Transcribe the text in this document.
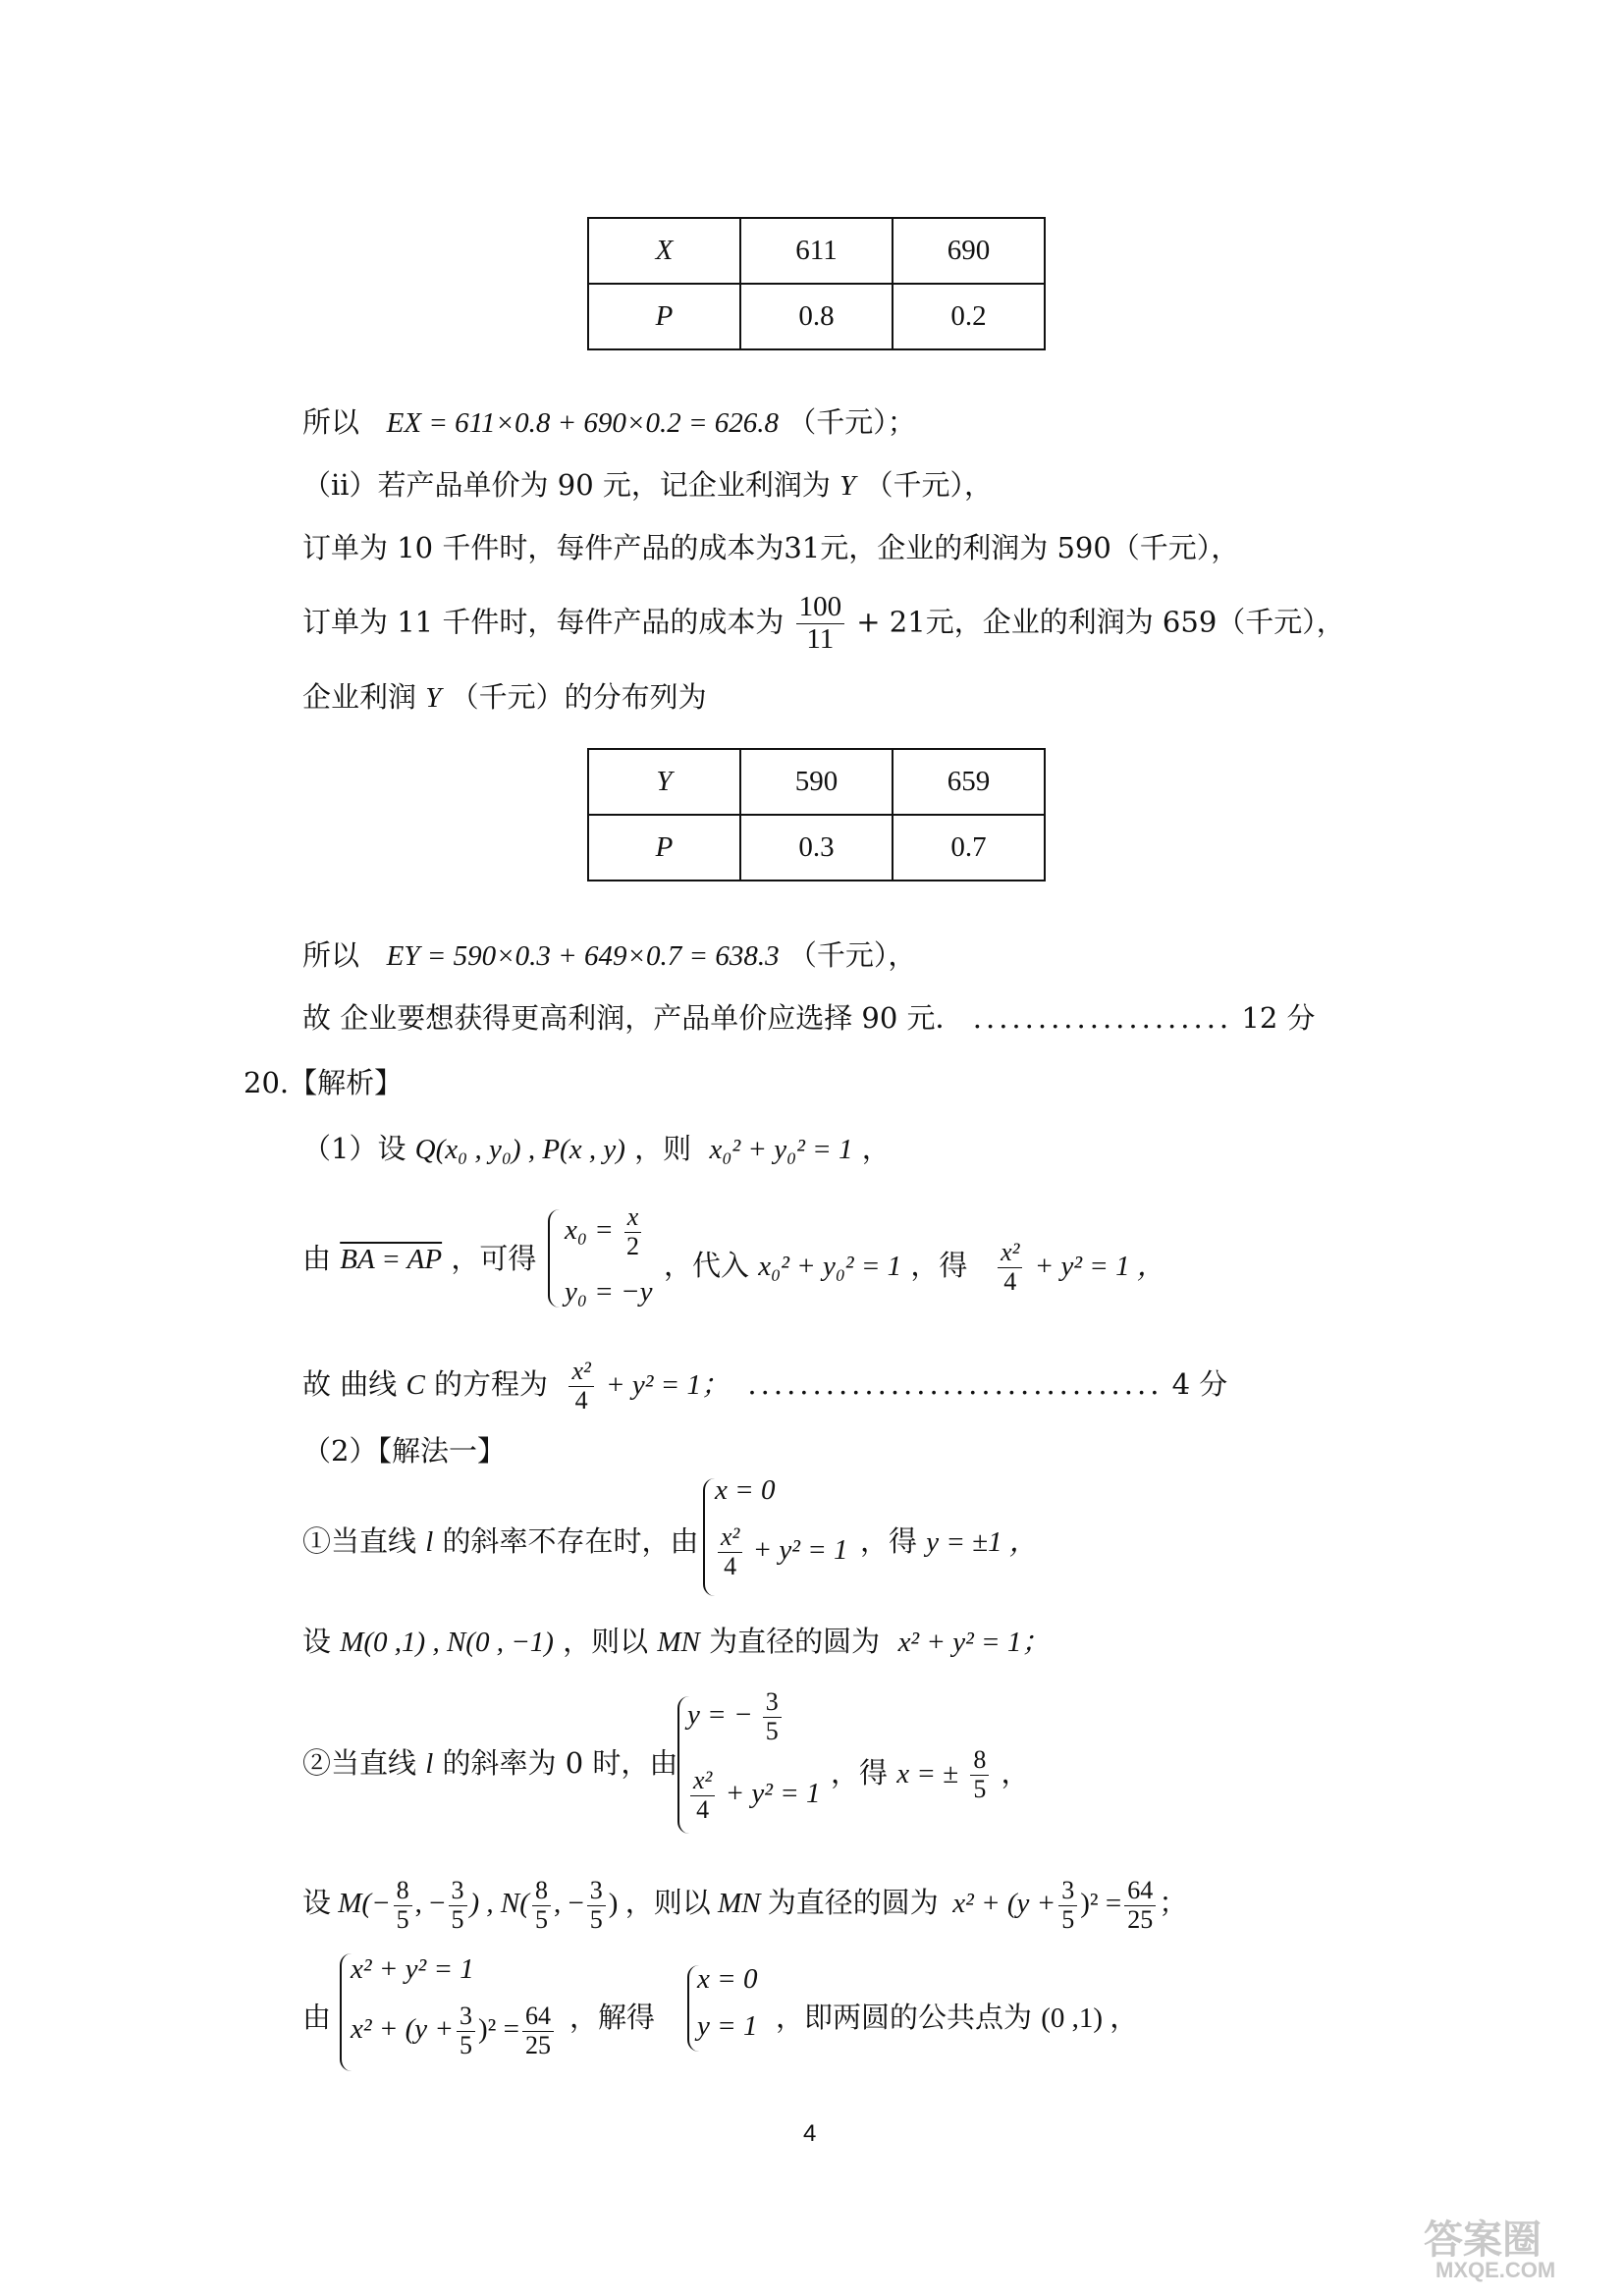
X	611	690
P	0.8	0.2
所以 EX = 611×0.8 + 690×0.2 = 626.8 （千元）；
（ii）若产品单价为 90 元，记企业利润为 Y （千元），
订单为 10 千件时，每件产品的成本为31元，企业的利润为 590（千元），
订单为 11 千件时，每件产品的成本为 $\frac{100}{11} + 21$元，企业的利润为 659（千元），
企业利润 Y （千元）的分布列为
Y	590	659
P	0.3	0.7
所以 EY = 590×0.3 + 649×0.7 = 638.3 （千元），
故 企业要想获得更高利润，产品单价应选择 90 元． .................... 12 分
20.【解析】
（1）设 Q(x₀ , y₀) , P(x , y) ，则 x₀² + y₀² = 1 ，
由 BA = AP ，可得
$x_0 = \frac{x}{2}$
y₀ = −y
，代入 x₀² + y₀² = 1 ，得 $\frac{\text{x²}}{4} + y^2 = 1$ ，
故 曲线 C 的方程为 $\frac{\text{x²}}{4} + y^2 = 1$； ................................ 4 分
（2）【解法一】
①当直线 l 的斜率不存在时，由
x = 0
$\frac{\text{x²}}{4} + y^2 = 1$ ，得 y = ±1 ，
设 M(0 ,1) , N(0 , −1) ，则以 MN 为直径的圆为 x² + y² = 1；
②当直线 l 的斜率为 0 时，由
y = − $\frac{3}{5}$
$\frac{\text{x²}}{4} + y^2 = 1$
，得 x = ± $\frac{8}{5}$ ，
设 $M(- \frac{8}{5}$ , − $\frac{3}{5}$ ) , $N( \frac{8}{5}$ , − $\frac{3}{5}$ ) ，则以 MN 为直径的圆为 $x^2 + (y + \frac{3}{5} )^2 = \frac{64}{25}$ ；
由
x² + y² = 1
$x^2 + (y + \frac{3}{5} )^2 = \frac{64}{25}$ ，解得
x = 0
y = 1 ，即两圆的公共点为 (0 ,1) ，
4
答案圈
MXQE.COM
